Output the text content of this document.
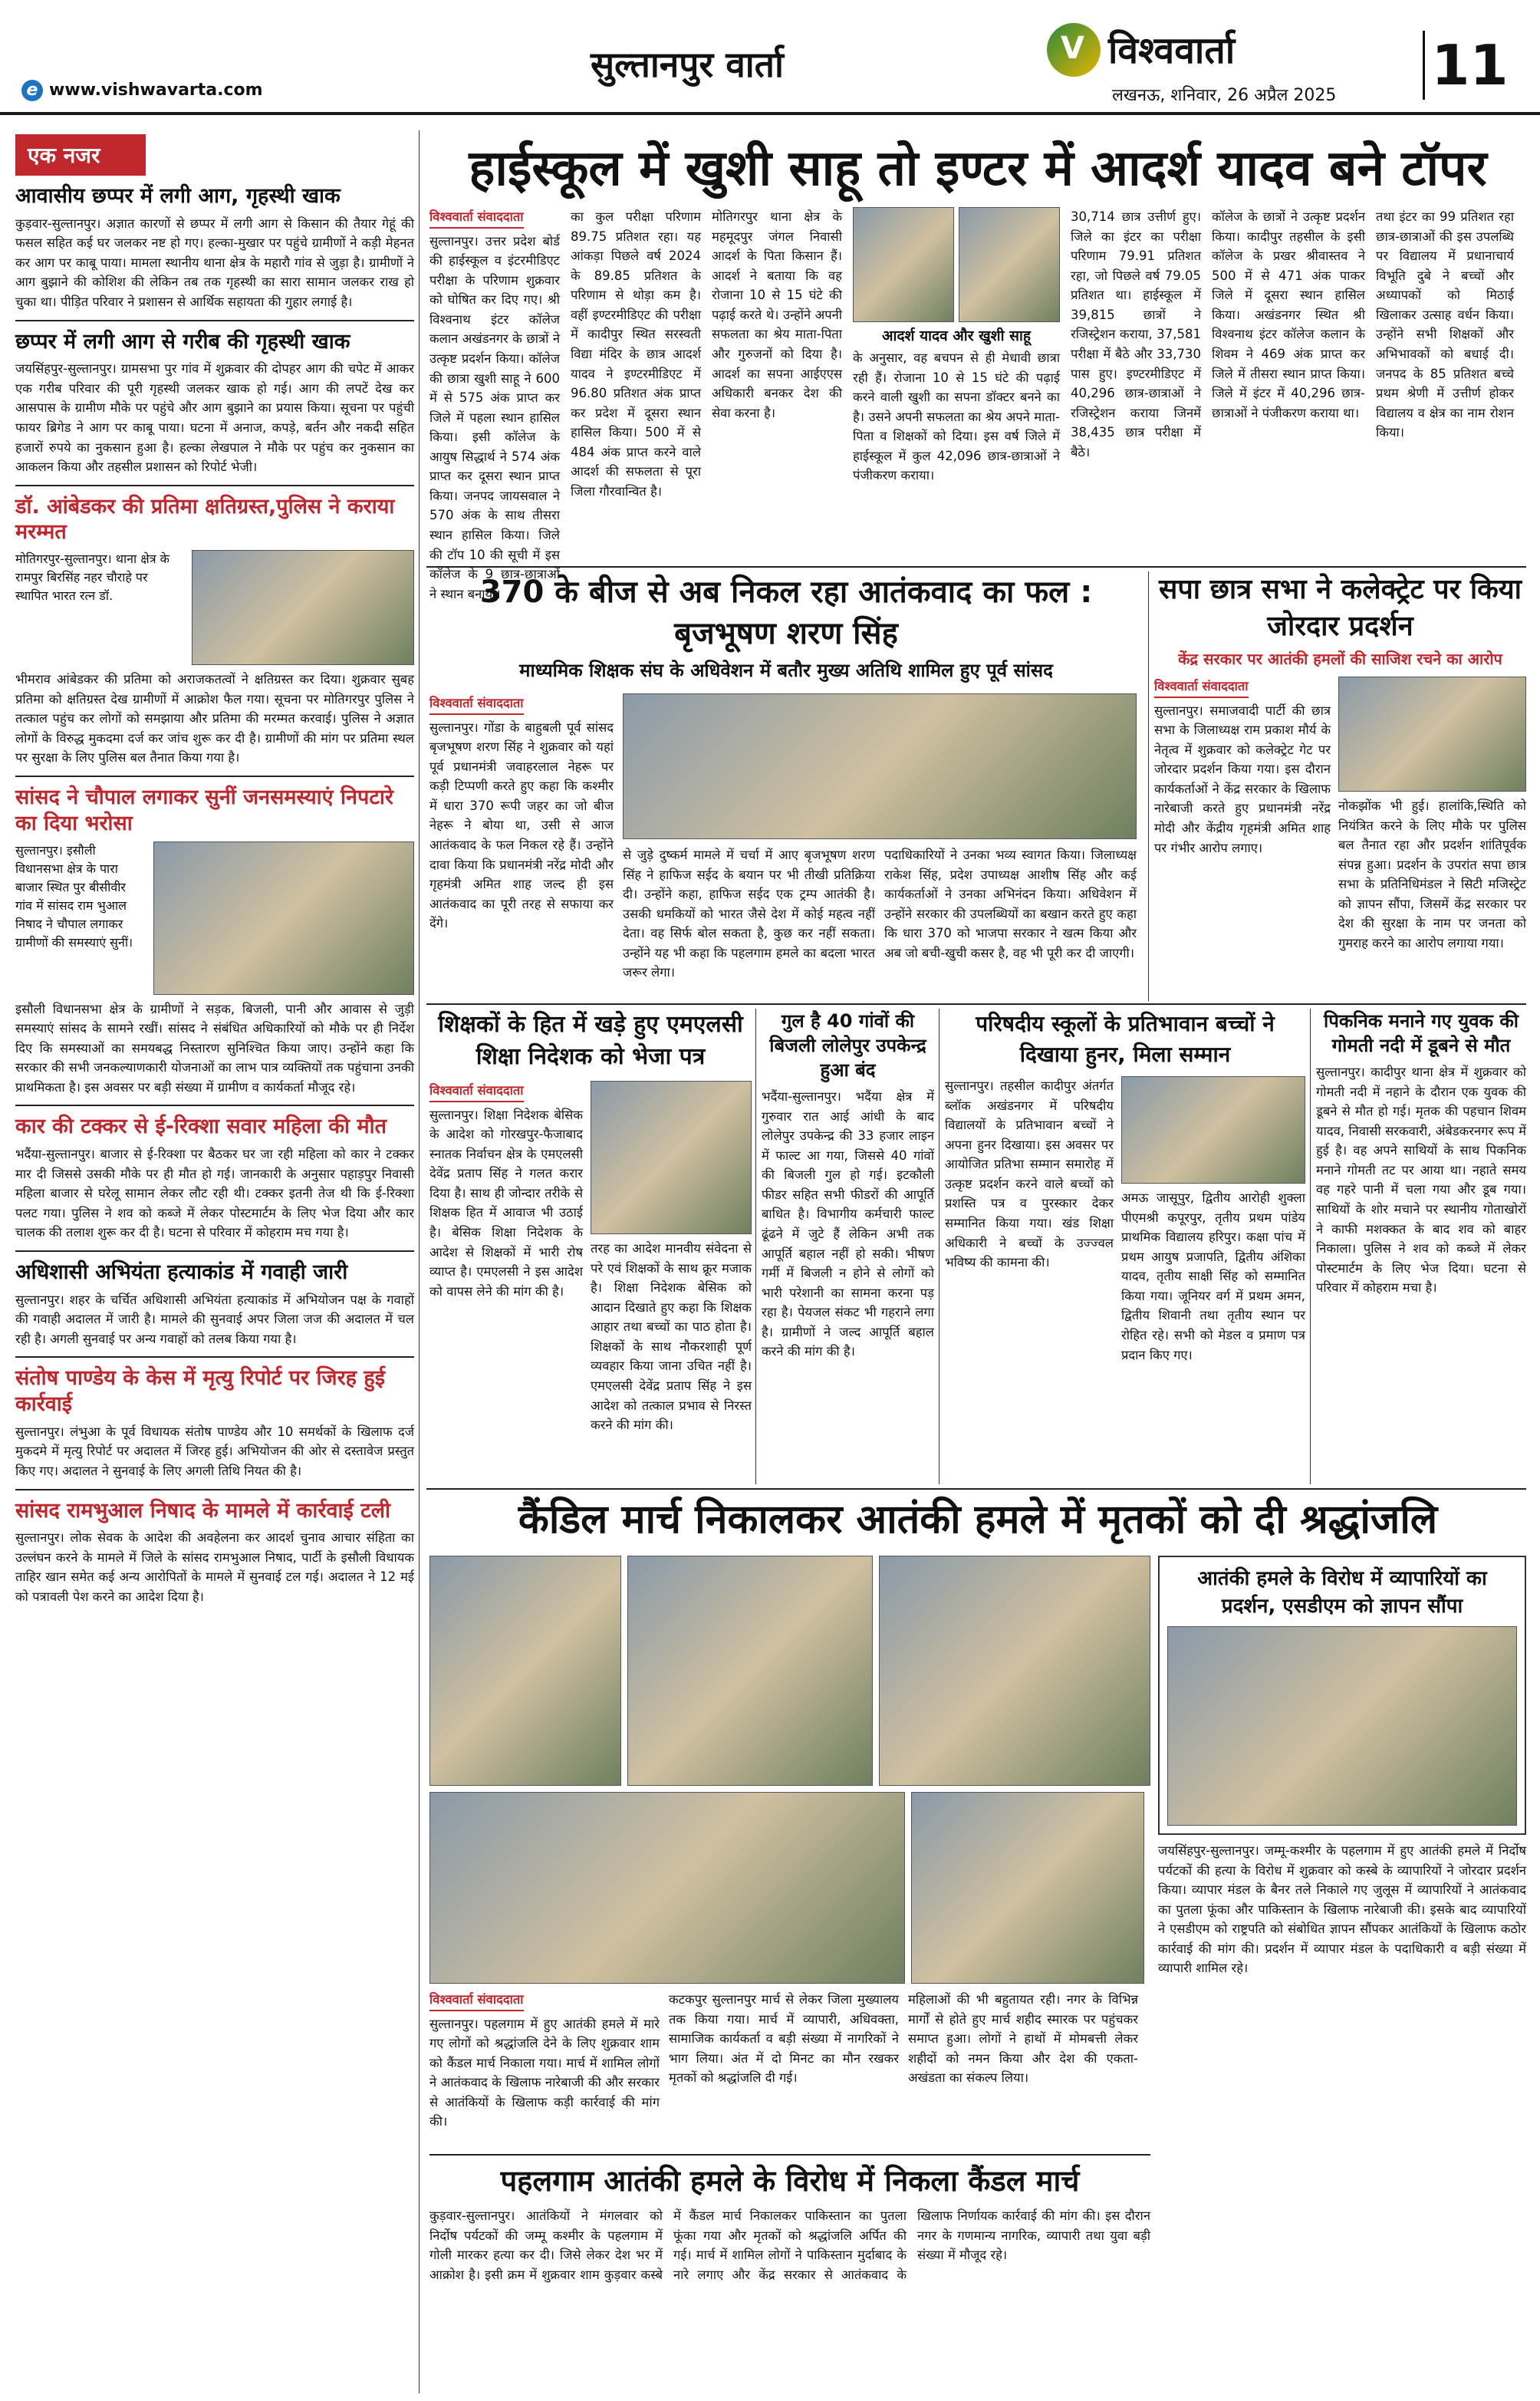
e www.vishwavarta.com
सुल्तानपुर वार्ता	V विश्ववार्ता
लखनऊ, शनिवार, 26 अप्रैल 2025 11
एक नजर
आवासीय छप्पर में लगी आग, गृहस्थी खाक
कुड़वार-सुल्तानपुर। अज्ञात कारणों से छप्पर में लगी आग से किसान की तैयार गेहूं की फसल सहित कई घर जलकर नष्ट हो गए। हल्का-मुखार पर पहुंचे ग्रामीणों ने कड़ी मेहनत कर आग पर काबू पाया। मामला स्थानीय थाना क्षेत्र के महारौ गांव से जुड़ा है। ग्रामीणों ने आग बुझाने की कोशिश की लेकिन तब तक गृहस्थी का सारा सामान जलकर राख हो चुका था। पीड़ित परिवार ने प्रशासन से आर्थिक सहायता की गुहार लगाई है।
छप्पर में लगी आग से गरीब की गृहस्थी खाक
जयसिंहपुर-सुल्तानपुर। ग्रामसभा पुर गांव में शुक्रवार की दोपहर आग की चपेट में आकर एक गरीब परिवार की पूरी गृहस्थी जलकर खाक हो गई। आग की लपटें देख कर आसपास के ग्रामीण मौके पर पहुंचे और आग बुझाने का प्रयास किया। सूचना पर पहुंची फायर ब्रिगेड ने आग पर काबू पाया। घटना में अनाज, कपड़े, बर्तन और नकदी सहित हजारों रुपये का नुकसान हुआ है। हल्का लेखपाल ने मौके पर पहुंच कर नुकसान का आकलन किया और तहसील प्रशासन को रिपोर्ट भेजी।
डॉ. आंबेडकर की प्रतिमा क्षतिग्रस्त,पुलिस ने कराया मरम्मत
मोतिगरपुर-सुल्तानपुर। थाना क्षेत्र के रामपुर बिरसिंह नहर चौराहे पर स्थापित भारत रत्न डॉ.
भीमराव आंबेडकर की प्रतिमा को अराजकतत्वों ने क्षतिग्रस्त कर दिया। शुक्रवार सुबह प्रतिमा को क्षतिग्रस्त देख ग्रामीणों में आक्रोश फैल गया। सूचना पर मोतिगरपुर पुलिस ने तत्काल पहुंच कर लोगों को समझाया और प्रतिमा की मरम्मत करवाई। पुलिस ने अज्ञात लोगों के विरुद्ध मुकदमा दर्ज कर जांच शुरू कर दी है। ग्रामीणों की मांग पर प्रतिमा स्थल पर सुरक्षा के लिए पुलिस बल तैनात किया गया है।
सांसद ने चौपाल लगाकर सुनीं जनसमस्याएं निपटारे का दिया भरोसा
सुल्तानपुर। इसौली विधानसभा क्षेत्र के पारा बाजार स्थित पुर बीसीवीर गांव में सांसद राम भुआल निषाद ने चौपाल लगाकर ग्रामीणों की समस्याएं सुनीं।
इसौली विधानसभा क्षेत्र के ग्रामीणों ने सड़क, बिजली, पानी और आवास से जुड़ी समस्याएं सांसद के सामने रखीं। सांसद ने संबंधित अधिकारियों को मौके पर ही निर्देश दिए कि समस्याओं का समयबद्ध निस्तारण सुनिश्चित किया जाए। उन्होंने कहा कि सरकार की सभी जनकल्याणकारी योजनाओं का लाभ पात्र व्यक्तियों तक पहुंचाना उनकी प्राथमिकता है। इस अवसर पर बड़ी संख्या में ग्रामीण व कार्यकर्ता मौजूद रहे।
कार की टक्कर से ई-रिक्शा सवार महिला की मौत
भदैंया-सुल्तानपुर। बाजार से ई-रिक्शा पर बैठकर घर जा रही महिला को कार ने टक्कर मार दी जिससे उसकी मौके पर ही मौत हो गई। जानकारी के अनुसार पहाड़पुर निवासी महिला बाजार से घरेलू सामान लेकर लौट रही थी। टक्कर इतनी तेज थी कि ई-रिक्शा पलट गया। पुलिस ने शव को कब्जे में लेकर पोस्टमार्टम के लिए भेज दिया और कार चालक की तलाश शुरू कर दी है। घटना से परिवार में कोहराम मच गया है।
अधिशासी अभियंता हत्याकांड में गवाही जारी
सुल्तानपुर। शहर के चर्चित अधिशासी अभियंता हत्याकांड में अभियोजन पक्ष के गवाहों की गवाही अदालत में जारी है। मामले की सुनवाई अपर जिला जज की अदालत में चल रही है। अगली सुनवाई पर अन्य गवाहों को तलब किया गया है।
संतोष पाण्डेय के केस में मृत्यु रिपोर्ट पर जिरह हुई कार्रवाई
सुल्तानपुर। लंभुआ के पूर्व विधायक संतोष पाण्डेय और 10 समर्थकों के खिलाफ दर्ज मुकदमे में मृत्यु रिपोर्ट पर अदालत में जिरह हुई। अभियोजन की ओर से दस्तावेज प्रस्तुत किए गए। अदालत ने सुनवाई के लिए अगली तिथि नियत की है।
सांसद रामभुआल निषाद के मामले में कार्रवाई टली
सुल्तानपुर। लोक सेवक के आदेश की अवहेलना कर आदर्श चुनाव आचार संहिता का उल्लंघन करने के मामले में जिले के सांसद रामभुआल निषाद, पार्टी के इसौली विधायक ताहिर खान समेत कई अन्य आरोपितों के मामले में सुनवाई टल गई। अदालत ने 12 मई को पत्रावली पेश करने का आदेश दिया है।
हाईस्कूल में खुशी साहू तो इण्टर में आदर्श यादव बने टॉपर
विश्ववार्ता संवाददाता
सुल्तानपुर। उत्तर प्रदेश बोर्ड की हाईस्कूल व इंटरमीडिएट परीक्षा के परिणाम शुक्रवार को घोषित कर दिए गए। श्री विश्वनाथ इंटर कॉलेज कलान अखंडनगर के छात्रों ने उत्कृष्ट प्रदर्शन किया। कॉलेज की छात्रा खुशी साहू ने 600 में से 575 अंक प्राप्त कर जिले में पहला स्थान हासिल किया। इसी कॉलेज के आयुष सिद्धार्थ ने 574 अंक प्राप्त कर दूसरा स्थान प्राप्त किया। जनपद जायसवाल ने 570 अंक के साथ तीसरा स्थान हासिल किया। जिले की टॉप 10 की सूची में इस कॉलेज के 9 छात्र-छात्राओं ने स्थान बनाया।
का कुल परीक्षा परिणाम 89.75 प्रतिशत रहा। यह आंकड़ा पिछले वर्ष 2024 के 89.85 प्रतिशत के परिणाम से थोड़ा कम है। वहीं इण्टरमीडिएट की परीक्षा में कादीपुर स्थित सरस्वती विद्या मंदिर के छात्र आदर्श यादव ने इण्टरमीडिएट में 96.80 प्रतिशत अंक प्राप्त कर प्रदेश में दूसरा स्थान हासिल किया। 500 में से 484 अंक प्राप्त करने वाले आदर्श की सफलता से पूरा जिला गौरवान्वित है।
मोतिगरपुर थाना क्षेत्र के महमूदपुर जंगल निवासी आदर्श के पिता किसान हैं। आदर्श ने बताया कि वह रोजाना 10 से 15 घंटे की पढ़ाई करते थे। उन्होंने अपनी सफलता का श्रेय माता-पिता और गुरुजनों को दिया है। आदर्श का सपना आईएएस अधिकारी बनकर देश की सेवा करना है।
आदर्श यादव और खुशी साहू
के अनुसार, वह बचपन से ही मेधावी छात्रा रही हैं। रोजाना 10 से 15 घंटे की पढ़ाई करने वाली खुशी का सपना डॉक्टर बनने का है। उसने अपनी सफलता का श्रेय अपने माता-पिता व शिक्षकों को दिया। इस वर्ष जिले में हाईस्कूल में कुल 42,096 छात्र-छात्राओं ने पंजीकरण कराया।
30,714 छात्र उत्तीर्ण हुए। जिले का इंटर का परीक्षा परिणाम 79.91 प्रतिशत रहा, जो पिछले वर्ष 79.05 प्रतिशत था। हाईस्कूल में 39,815 छात्रों ने रजिस्ट्रेशन कराया, 37,581 परीक्षा में बैठे और 33,730 पास हुए। इण्टरमीडिएट में 40,296 छात्र-छात्राओं ने रजिस्ट्रेशन कराया जिनमें 38,435 छात्र परीक्षा में बैठे।
कॉलेज के छात्रों ने उत्कृष्ट प्रदर्शन किया। कादीपुर तहसील के इसी कॉलेज के प्रखर श्रीवास्तव ने 500 में से 471 अंक पाकर जिले में दूसरा स्थान हासिल किया। अखंडनगर स्थित श्री विश्वनाथ इंटर कॉलेज कलान के शिवम ने 469 अंक प्राप्त कर जिले में तीसरा स्थान प्राप्त किया। जिले में इंटर में 40,296 छात्र-छात्राओं ने पंजीकरण कराया था।
तथा इंटर का 99 प्रतिशत रहा छात्र-छात्राओं की इस उपलब्धि पर विद्यालय में प्रधानाचार्य विभूति दुबे ने बच्चों और अध्यापकों को मिठाई खिलाकर उत्साह वर्धन किया। उन्होंने सभी शिक्षकों और अभिभावकों को बधाई दी। जनपद के 85 प्रतिशत बच्चे प्रथम श्रेणी में उत्तीर्ण होकर विद्यालय व क्षेत्र का नाम रोशन किया।
370 के बीज से अब निकल रहा आतंकवाद का फल : बृजभूषण शरण सिंह
माध्यमिक शिक्षक संघ के अधिवेशन में बतौर मुख्य अतिथि शामिल हुए पूर्व सांसद
विश्ववार्ता संवाददाता
सुल्तानपुर। गोंडा के बाहुबली पूर्व सांसद बृजभूषण शरण सिंह ने शुक्रवार को यहां पूर्व प्रधानमंत्री जवाहरलाल नेहरू पर कड़ी टिप्पणी करते हुए कहा कि कश्मीर में धारा 370 रूपी जहर का जो बीज नेहरू ने बोया था, उसी से आज आतंकवाद के फल निकल रहे हैं। उन्होंने दावा किया कि प्रधानमंत्री नरेंद्र मोदी और गृहमंत्री अमित शाह जल्द ही इस आतंकवाद का पूरी तरह से सफाया कर देंगे।
से जुड़े दुष्कर्म मामले में चर्चा में आए बृजभूषण शरण सिंह ने हाफिज सईद के बयान पर भी तीखी प्रतिक्रिया दी। उन्होंने कहा, हाफिज सईद एक ट्रम्प आतंकी है। उसकी धमकियों को भारत जैसे देश में कोई महत्व नहीं देता। वह सिर्फ बोल सकता है, कुछ कर नहीं सकता। उन्होंने यह भी कहा कि पहलगाम हमले का बदला भारत जरूर लेगा।
पदाधिकारियों ने उनका भव्य स्वागत किया। जिलाध्यक्ष राकेश सिंह, प्रदेश उपाध्यक्ष आशीष सिंह और कई कार्यकर्ताओं ने उनका अभिनंदन किया। अधिवेशन में उन्होंने सरकार की उपलब्धियों का बखान करते हुए कहा कि धारा 370 को भाजपा सरकार ने खत्म किया और अब जो बची-खुची कसर है, वह भी पूरी कर दी जाएगी।
सपा छात्र सभा ने कलेक्ट्रेट पर किया जोरदार प्रदर्शन
केंद्र सरकार पर आतंकी हमलों की साजिश रचने का आरोप
विश्ववार्ता संवाददाता
सुल्तानपुर। समाजवादी पार्टी की छात्र सभा के जिलाध्यक्ष राम प्रकाश मौर्य के नेतृत्व में शुक्रवार को कलेक्ट्रेट गेट पर जोरदार प्रदर्शन किया गया। इस दौरान कार्यकर्ताओं ने केंद्र सरकार के खिलाफ नारेबाजी करते हुए प्रधानमंत्री नरेंद्र मोदी और केंद्रीय गृहमंत्री अमित शाह पर गंभीर आरोप लगाए।
नोकझोंक भी हुई। हालांकि,स्थिति को नियंत्रित करने के लिए मौके पर पुलिस बल तैनात रहा और प्रदर्शन शांतिपूर्वक संपन्न हुआ। प्रदर्शन के उपरांत सपा छात्र सभा के प्रतिनिधिमंडल ने सिटी मजिस्ट्रेट को ज्ञापन सौंपा, जिसमें केंद्र सरकार पर देश की सुरक्षा के नाम पर जनता को गुमराह करने का आरोप लगाया गया।
शिक्षकों के हित में खड़े हुए एमएलसी शिक्षा निदेशक को भेजा पत्र
विश्ववार्ता संवाददाता
सुल्तानपुर। शिक्षा निदेशक बेसिक के आदेश को गोरखपुर-फैजाबाद स्नातक निर्वाचन क्षेत्र के एमएलसी देवेंद्र प्रताप सिंह ने गलत करार दिया है। साथ ही जोन्दार तरीके से शिक्षक हित में आवाज भी उठाई है। बेसिक शिक्षा निदेशक के आदेश से शिक्षकों में भारी रोष व्याप्त है। एमएलसी ने इस आदेश को वापस लेने की मांग की है।
तरह का आदेश मानवीय संवेदना से परे एवं शिक्षकों के साथ क्रूर मजाक है। शिक्षा निदेशक बेसिक को आदान दिखाते हुए कहा कि शिक्षक आहार तथा बच्चों का पाठ होता है। शिक्षकों के साथ नौकरशाही पूर्ण व्यवहार किया जाना उचित नहीं है। एमएलसी देवेंद्र प्रताप सिंह ने इस आदेश को तत्काल प्रभाव से निरस्त करने की मांग की।
गुल है 40 गांवों की बिजली लोलेपुर उपकेन्द्र हुआ बंद
भदैंया-सुल्तानपुर। भदैंया क्षेत्र में गुरुवार रात आई आंधी के बाद लोलेपुर उपकेन्द्र की 33 हजार लाइन में फाल्ट आ गया, जिससे 40 गांवों की बिजली गुल हो गई। इटकौली फीडर सहित सभी फीडरों की आपूर्ति बाधित है। विभागीय कर्मचारी फाल्ट ढूंढने में जुटे हैं लेकिन अभी तक आपूर्ति बहाल नहीं हो सकी। भीषण गर्मी में बिजली न होने से लोगों को भारी परेशानी का सामना करना पड़ रहा है। पेयजल संकट भी गहराने लगा है। ग्रामीणों ने जल्द आपूर्ति बहाल करने की मांग की है।
परिषदीय स्कूलों के प्रतिभावान बच्चों ने दिखाया हुनर, मिला सम्मान
सुल्तानपुर। तहसील कादीपुर अंतर्गत ब्लॉक अखंडनगर में परिषदीय विद्यालयों के प्रतिभावान बच्चों ने अपना हुनर दिखाया। इस अवसर पर आयोजित प्रतिभा सम्मान समारोह में उत्कृष्ट प्रदर्शन करने वाले बच्चों को प्रशस्ति पत्र व पुरस्कार देकर सम्मानित किया गया। खंड शिक्षा अधिकारी ने बच्चों के उज्ज्वल भविष्य की कामना की।
अमऊ जासूपुर, द्वितीय आरोही शुक्ला पीएमश्री कपूरपुर, तृतीय प्रथम पांडेय प्राथमिक विद्यालय हरिपुर। कक्षा पांच में प्रथम आयुष प्रजापति, द्वितीय अंशिका यादव, तृतीय साक्षी सिंह को सम्मानित किया गया। जूनियर वर्ग में प्रथम अमन, द्वितीय शिवानी तथा तृतीय स्थान पर रोहित रहे। सभी को मेडल व प्रमाण पत्र प्रदान किए गए।
पिकनिक मनाने गए युवक की गोमती नदी में डूबने से मौत
सुल्तानपुर। कादीपुर थाना क्षेत्र में शुक्रवार को गोमती नदी में नहाने के दौरान एक युवक की डूबने से मौत हो गई। मृतक की पहचान शिवम यादव, निवासी सरकवारी, अंबेडकरनगर रूप में हुई है। वह अपने साथियों के साथ पिकनिक मनाने गोमती तट पर आया था। नहाते समय वह गहरे पानी में चला गया और डूब गया। साथियों के शोर मचाने पर स्थानीय गोताखोरों ने काफी मशक्कत के बाद शव को बाहर निकाला। पुलिस ने शव को कब्जे में लेकर पोस्टमार्टम के लिए भेज दिया। घटना से परिवार में कोहराम मचा है।
कैंडिल मार्च निकालकर आतंकी हमले में मृतकों को दी श्रद्धांजलि
विश्ववार्ता संवाददाता
सुल्तानपुर। पहलगाम में हुए आतंकी हमले में मारे गए लोगों को श्रद्धांजलि देने के लिए शुक्रवार शाम को कैंडल मार्च निकाला गया। मार्च में शामिल लोगों ने आतंकवाद के खिलाफ नारेबाजी की और सरकार से आतंकियों के खिलाफ कड़ी कार्रवाई की मांग की।
कटकपुर सुल्तानपुर मार्च से लेकर जिला मुख्यालय तक किया गया। मार्च में व्यापारी, अधिवक्ता, सामाजिक कार्यकर्ता व बड़ी संख्या में नागरिकों ने भाग लिया। अंत में दो मिनट का मौन रखकर मृतकों को श्रद्धांजलि दी गई।
महिलाओं की भी बहुतायत रही। नगर के विभिन्न मार्गों से होते हुए मार्च शहीद स्मारक पर पहुंचकर समाप्त हुआ। लोगों ने हाथों में मोमबत्ती लेकर शहीदों को नमन किया और देश की एकता-अखंडता का संकल्प लिया।
आतंकी हमले के विरोध में व्यापारियों का प्रदर्शन, एसडीएम को ज्ञापन सौंपा
जयसिंहपुर-सुल्तानपुर। जम्मू-कश्मीर के पहलगाम में हुए आतंकी हमले में निर्दोष पर्यटकों की हत्या के विरोध में शुक्रवार को कस्बे के व्यापारियों ने जोरदार प्रदर्शन किया। व्यापार मंडल के बैनर तले निकाले गए जुलूस में व्यापारियों ने आतंकवाद का पुतला फूंका और पाकिस्तान के खिलाफ नारेबाजी की। इसके बाद व्यापारियों ने एसडीएम को राष्ट्रपति को संबोधित ज्ञापन सौंपकर आतंकियों के खिलाफ कठोर कार्रवाई की मांग की। प्रदर्शन में व्यापार मंडल के पदाधिकारी व बड़ी संख्या में व्यापारी शामिल रहे।
पहलगाम आतंकी हमले के विरोध में निकला कैंडल मार्च
कुड़वार-सुल्तानपुर। आतंकियों ने मंगलवार को निर्दोष पर्यटकों की जम्मू कश्मीर के पहलगाम में गोली मारकर हत्या कर दी। जिसे लेकर देश भर में आक्रोश है। इसी क्रम में शुक्रवार शाम कुड़वार कस्बे में कैंडल मार्च निकालकर पाकिस्तान का पुतला फूंका गया और मृतकों को श्रद्धांजलि अर्पित की गई। मार्च में शामिल लोगों ने पाकिस्तान मुर्दाबाद के नारे लगाए और केंद्र सरकार से आतंकवाद के खिलाफ निर्णायक कार्रवाई की मांग की। इस दौरान नगर के गणमान्य नागरिक, व्यापारी तथा युवा बड़ी संख्या में मौजूद रहे।
